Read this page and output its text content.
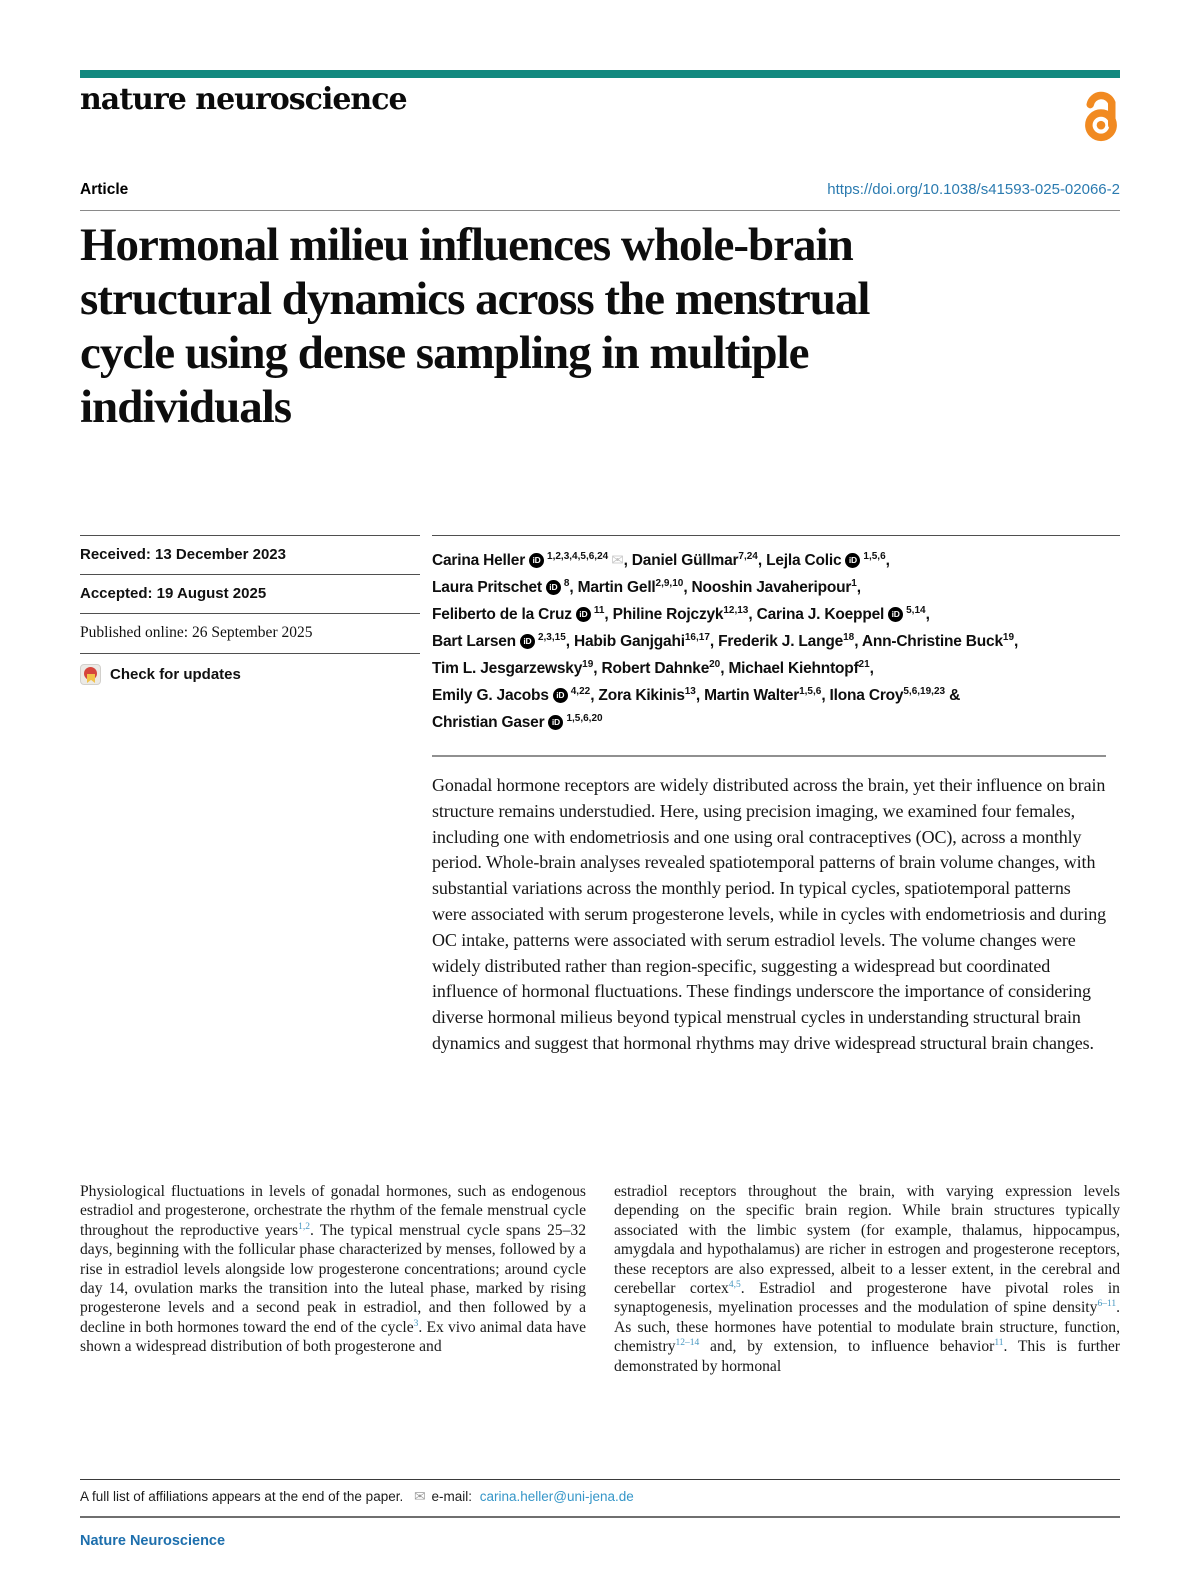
nature neuroscience
Article	https://doi.org/10.1038/s41593-025-02066-2
Hormonal milieu influences whole-brain
structural dynamics across the menstrual
cycle using dense sampling in multiple
individuals
Received: 13 December 2023
Accepted: 19 August 2025
Published online: 26 September 2025
Check for updates
Carina Heller iD $^{1,2,3,4,5,6,24}$ ✉, Daniel Güllmar$^{7,24}$, Lejla Colic iD $^{1,5,6}$,
Laura Pritschet iD $^8$, Martin Gell$^{2,9,10}$, Nooshin Javaheripour$^1$,
Feliberto de la Cruz iD $^{11}$, Philine Rojczyk$^{12,13}$, Carina J. Koeppel iD $^{5,14}$,
Bart Larsen iD $^{2,3,15}$, Habib Ganjgahi$^{16,17}$, Frederik J. Lange$^{18}$, Ann-Christine Buck$^{19}$,
Tim L. Jesgarzewsky$^{19}$, Robert Dahnke$^{20}$, Michael Kiehntopf$^{21}$,
Emily G. Jacobs iD $^{4,22}$, Zora Kikinis$^{13}$, Martin Walter$^{1,5,6}$, Ilona Croy$^{5,6,19,23}$ &
Christian Gaser iD $^{1,5,6,20}$

Gonadal hormone receptors are widely distributed across the brain, yet their influence on brain structure remains understudied. Here, using precision imaging, we examined four females, including one with endometriosis and one using oral contraceptives (OC), across a monthly period. Whole-brain analyses revealed spatiotemporal patterns of brain volume changes, with substantial variations across the monthly period. In typical cycles, spatiotemporal patterns were associated with serum progesterone levels, while in cycles with endometriosis and during OC intake, patterns were associated with serum estradiol levels. The volume changes were widely distributed rather than region-specific, suggesting a widespread but coordinated influence of hormonal fluctuations. These findings underscore the importance of considering diverse hormonal milieus beyond typical menstrual cycles in understanding structural brain dynamics and suggest that hormonal rhythms may drive widespread structural brain changes.

Physiological fluctuations in levels of gonadal hormones, such as endogenous estradiol and progesterone, orchestrate the rhythm of the female menstrual cycle throughout the reproductive years$^{1,2}$. The typical menstrual cycle spans 25–32 days, beginning with the follicular phase characterized by menses, followed by a rise in estradiol levels alongside low progesterone concentrations; around cycle day 14, ovulation marks the transition into the luteal phase, marked by rising progesterone levels and a second peak in estradiol, and then followed by a decline in both hormones toward the end of the cycle$^3$. Ex vivo animal data have shown a widespread distribution of both progesterone and

estradiol receptors throughout the brain, with varying expression levels depending on the specific brain region. While brain structures typically associated with the limbic system (for example, thalamus, hippocampus, amygdala and hypothalamus) are richer in estrogen and progesterone receptors, these receptors are also expressed, albeit to a lesser extent, in the cerebral and cerebellar cortex$^{4,5}$. Estradiol and progesterone have pivotal roles in synaptogenesis, myelination processes and the modulation of spine density$^{6-11}$. As such, these hormones have potential to modulate brain structure, function, chemistry$^{12-14}$ and, by extension, to influence behavior$^{11}$. This is further demonstrated by hormonal

A full list of affiliations appears at the end of the paper. ✉ e-mail: carina.heller@uni-jena.de
Nature Neuroscience
